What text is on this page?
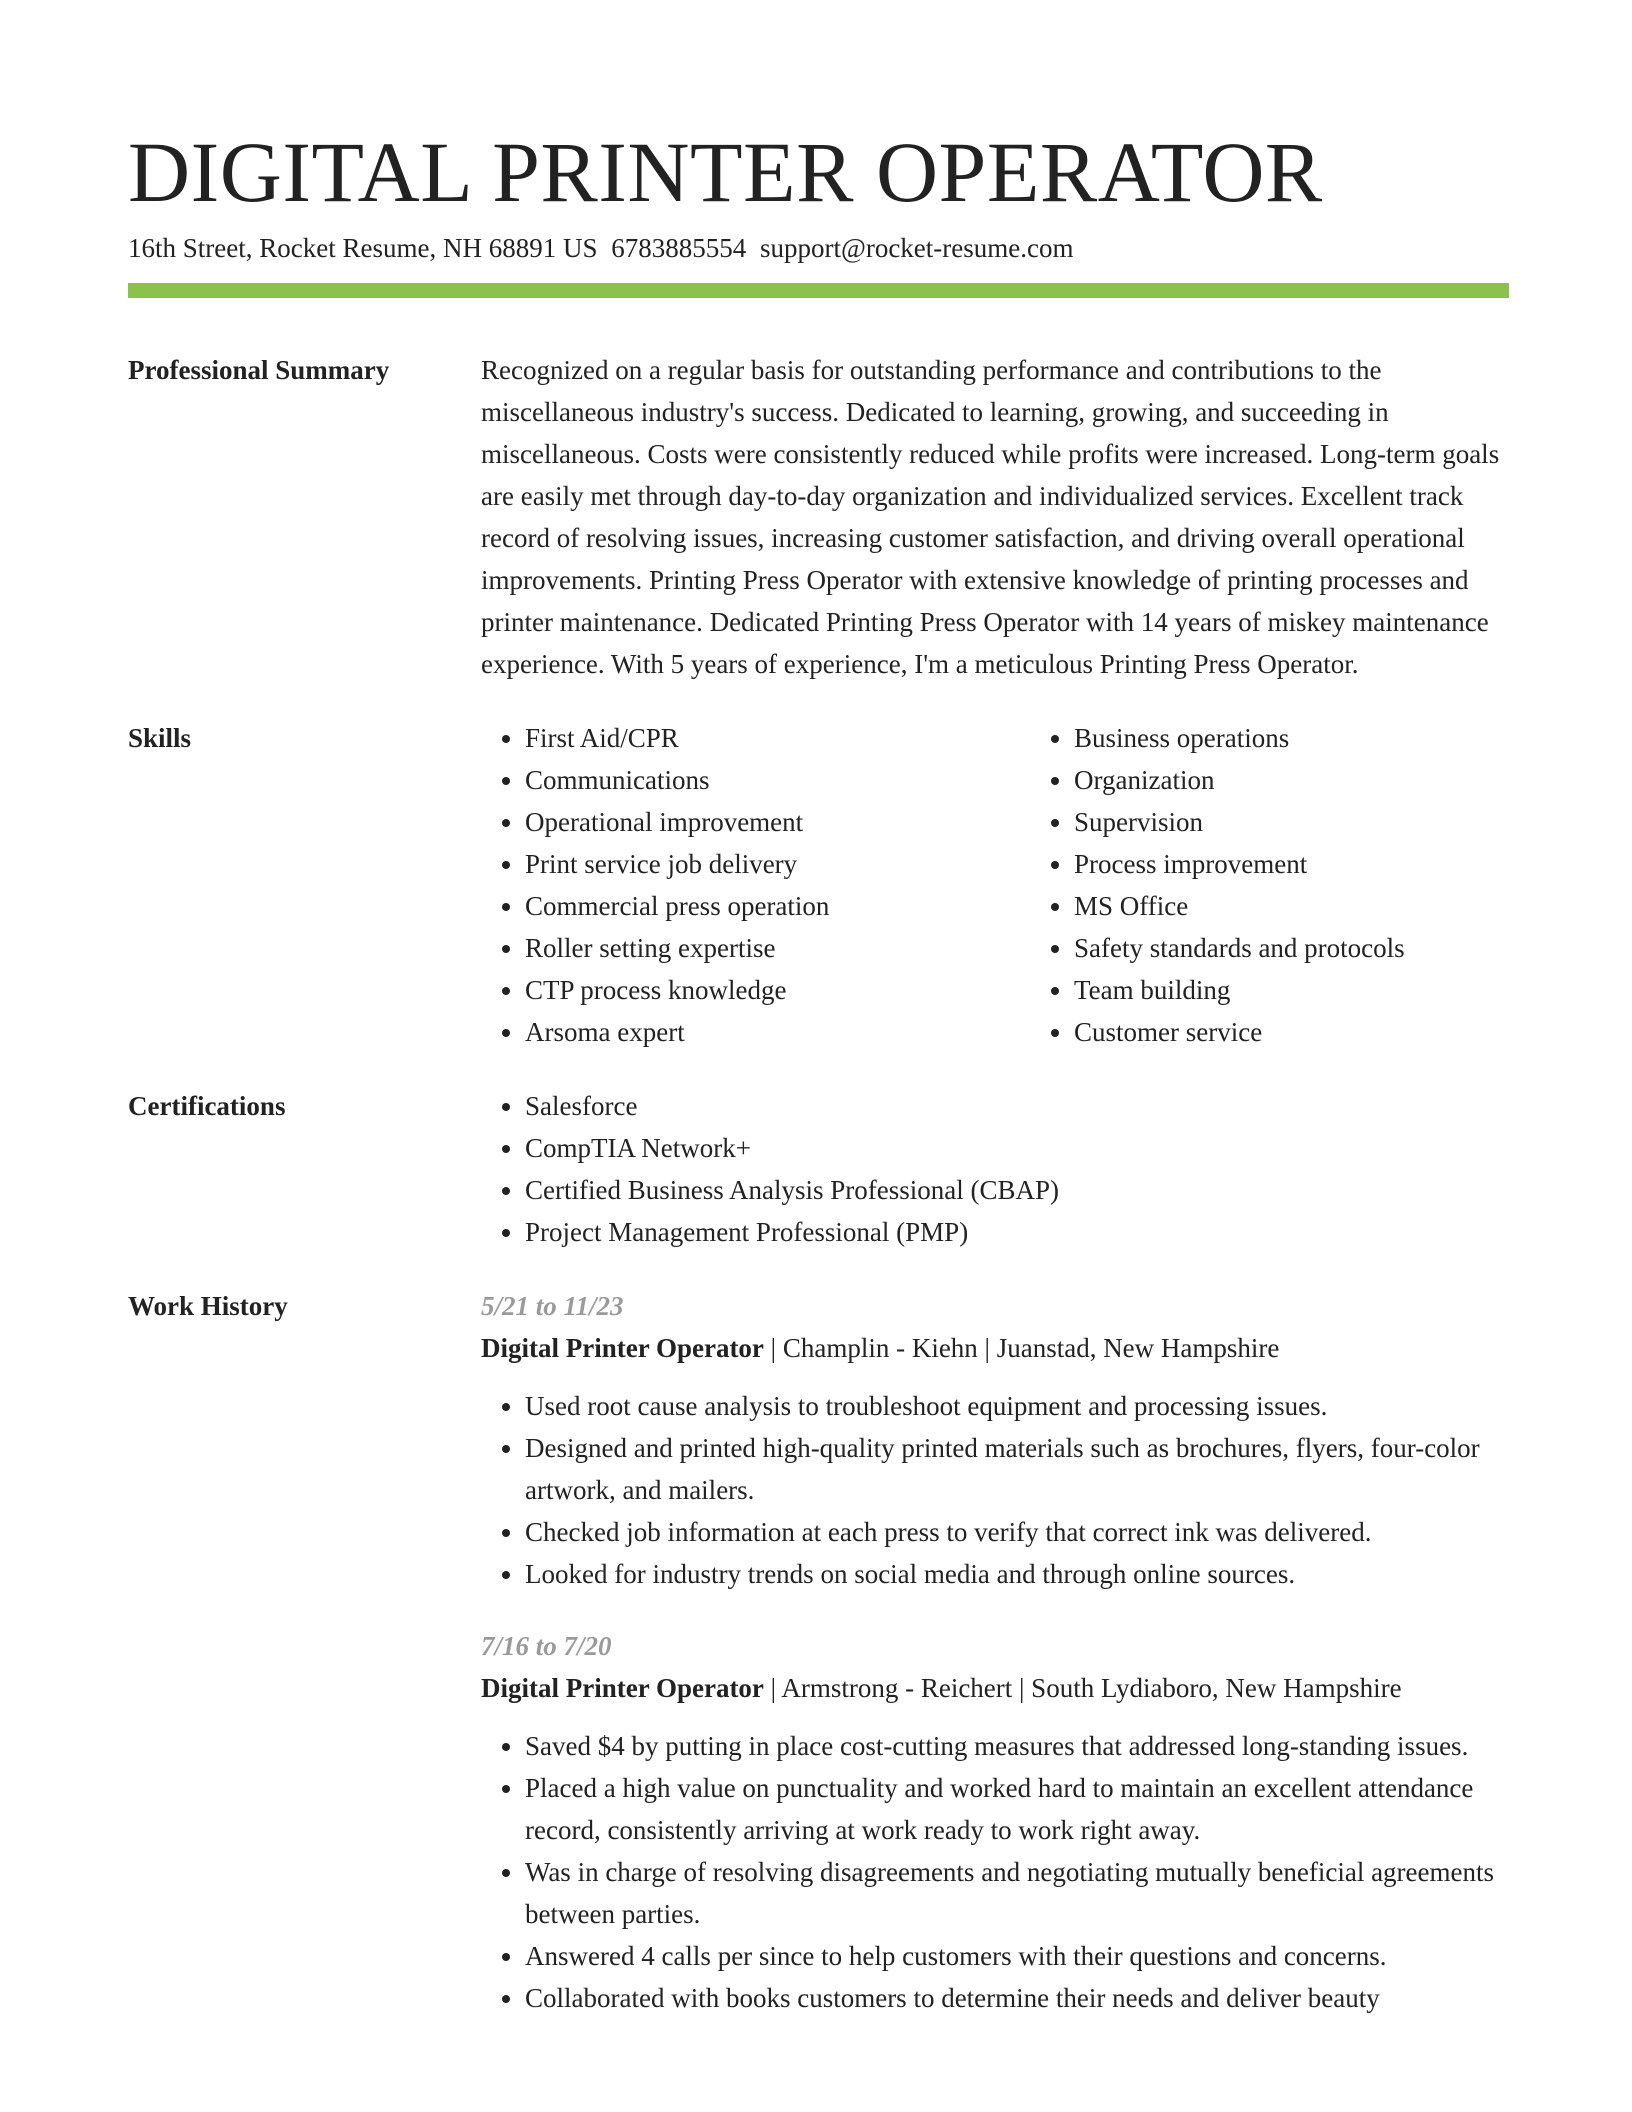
DIGITAL PRINTER OPERATOR
16th Street, Rocket Resume, NH 68891 US 6783885554 support@rocket-resume.com
Professional Summary	Recognized on a regular basis for outstanding performance and contributions to the miscellaneous industry's success. Dedicated to learning, growing, and succeeding in miscellaneous. Costs were consistently reduced while profits were increased. Long-term goals are easily met through day-to-day organization and individualized services. Excellent track record of resolving issues, increasing customer satisfaction, and driving overall operational improvements. Printing Press Operator with extensive knowledge of printing processes and printer maintenance. Dedicated Printing Press Operator with 14 years of miskey maintenance experience. With 5 years of experience, I'm a meticulous Printing Press Operator.

Skills	• First Aid/CPR
• Communications
• Operational improvement
• Print service job delivery
• Commercial press operation
• Roller setting expertise
• CTP process knowledge
• Arsoma expert
• Business operations
• Organization
• Supervision
• Process improvement
• MS Office
• Safety standards and protocols
• Team building
• Customer service
Certifications	• Salesforce
• CompTIA Network+
• Certified Business Analysis Professional (CBAP)
• Project Management Professional (PMP)
Work History	5/21 to 11/23
Digital Printer Operator | Champlin - Kiehn | Juanstad, New Hampshire
• Used root cause analysis to troubleshoot equipment and processing issues.
• Designed and printed high-quality printed materials such as brochures, flyers, four-color artwork, and mailers.
• Checked job information at each press to verify that correct ink was delivered.
• Looked for industry trends on social media and through online sources.
7/16 to 7/20
Digital Printer Operator | Armstrong - Reichert | South Lydiaboro, New Hampshire
• Saved $4 by putting in place cost-cutting measures that addressed long-standing issues.
• Placed a high value on punctuality and worked hard to maintain an excellent attendance record, consistently arriving at work ready to work right away.
• Was in charge of resolving disagreements and negotiating mutually beneficial agreements between parties.
• Answered 4 calls per since to help customers with their questions and concerns.
• Collaborated with books customers to determine their needs and deliver beauty
